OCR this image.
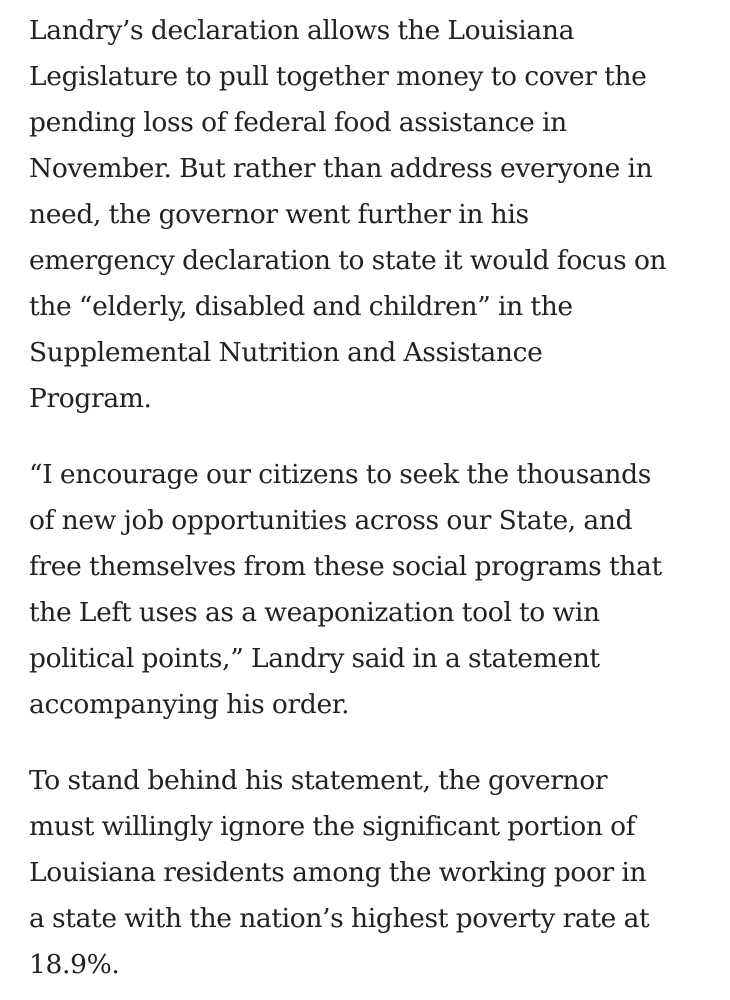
Landry’s declaration allows the Louisiana
Legislature to pull together money to cover the
pending loss of federal food assistance in
November. But rather than address everyone in
need, the governor went further in his
emergency declaration to state it would focus on
the “elderly, disabled and children” in the
Supplemental Nutrition and Assistance
Program.

“I encourage our citizens to seek the thousands
of new job opportunities across our State, and
free themselves from these social programs that
the Left uses as a weaponization tool to win
political points,” Landry said in a statement
accompanying his order.

To stand behind his statement, the governor
must willingly ignore the significant portion of
Louisiana residents among the working poor in
a state with the nation’s highest poverty rate at
18.9%.
